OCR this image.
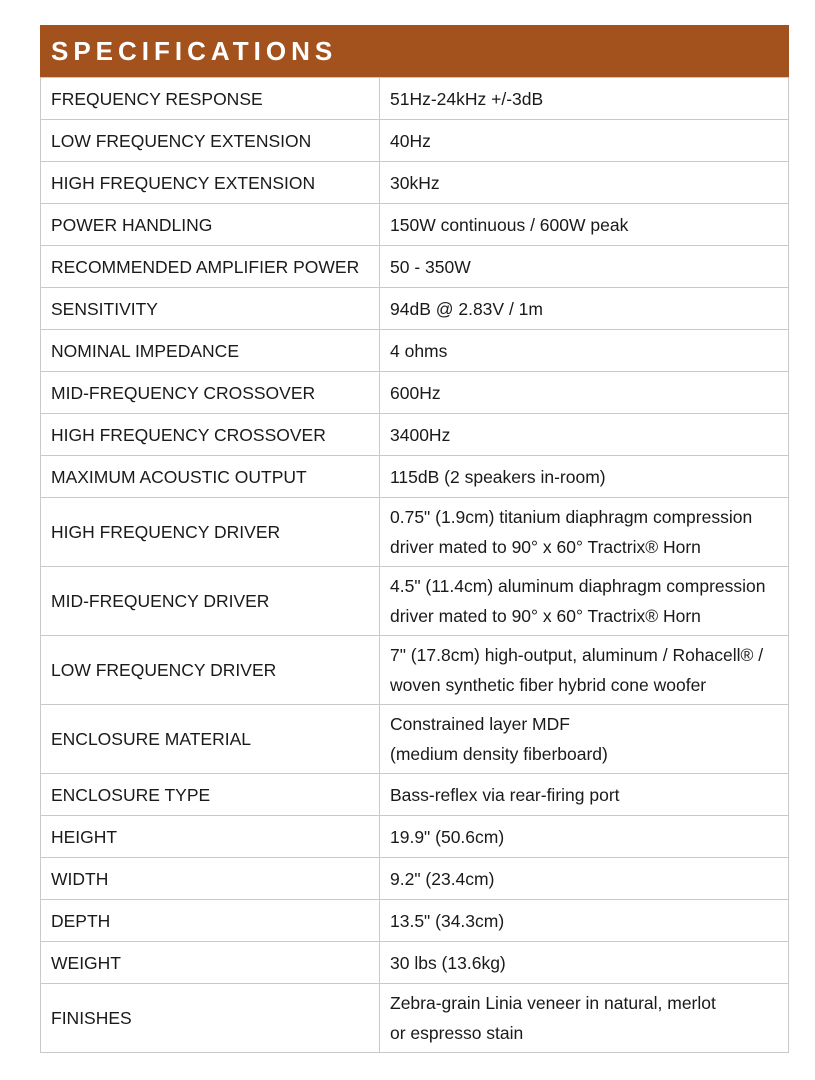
SPECIFICATIONS
FREQUENCY RESPONSE	51Hz-24kHz +/-3dB
LOW FREQUENCY EXTENSION	40Hz
HIGH FREQUENCY EXTENSION	30kHz
POWER HANDLING	150W continuous / 600W peak
RECOMMENDED AMPLIFIER POWER	50 - 350W
SENSITIVITY	94dB @ 2.83V / 1m
NOMINAL IMPEDANCE	4 ohms
MID-FREQUENCY CROSSOVER	600Hz
HIGH FREQUENCY CROSSOVER	3400Hz
MAXIMUM ACOUSTIC OUTPUT	115dB (2 speakers in-room)
HIGH FREQUENCY DRIVER	0.75" (1.9cm) titanium diaphragm compression
driver mated to 90° x 60° Tractrix® Horn

MID-FREQUENCY DRIVER	4.5" (11.4cm) aluminum diaphragm compression
driver mated to 90° x 60° Tractrix® Horn

LOW FREQUENCY DRIVER	7" (17.8cm) high-output, aluminum / Rohacell® /
woven synthetic fiber hybrid cone woofer

ENCLOSURE MATERIAL	Constrained layer MDF
(medium density fiberboard)

ENCLOSURE TYPE	Bass-reflex via rear-firing port
HEIGHT	19.9" (50.6cm)
WIDTH	9.2" (23.4cm)
DEPTH	13.5" (34.3cm)
WEIGHT	30 lbs (13.6kg)
FINISHES	Zebra-grain Linia veneer in natural, merlot
or espresso stain
